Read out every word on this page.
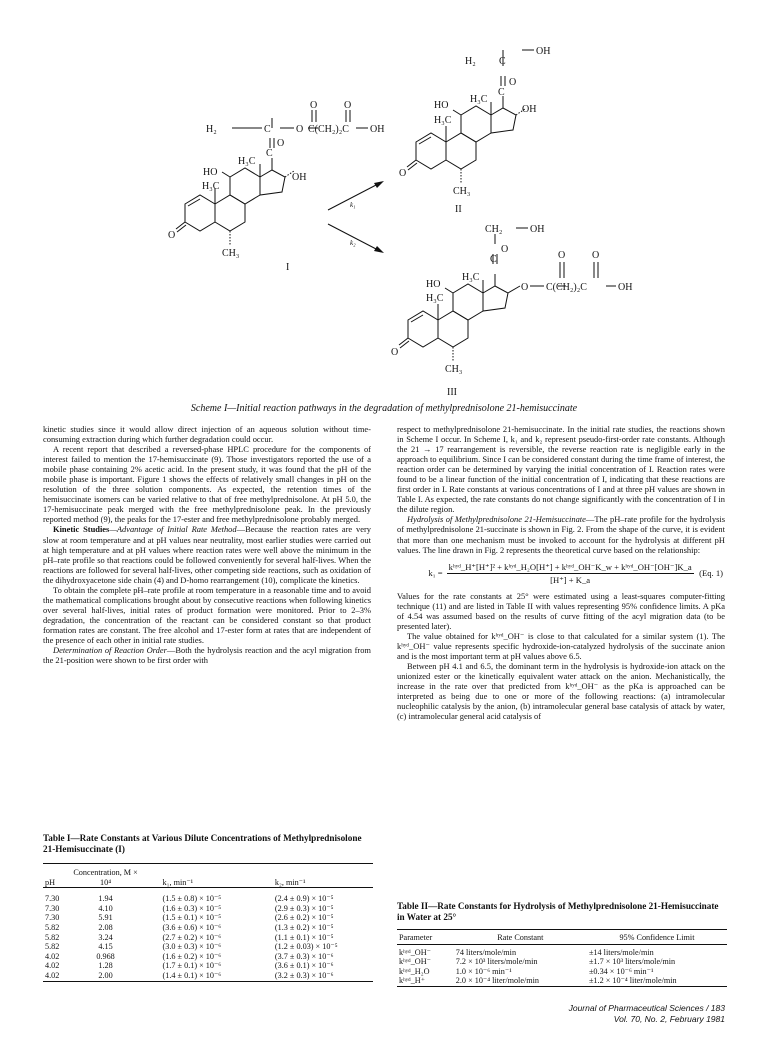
H₂	C	O C(CH₂)₂C OH
O	O
C
O
H₃C
OH
HO
H₃C
O
CH₃
I
H₂ C
OH
C
O
H₃C
OH
HO
H₃C
O
CH₃
II
CH₂	OH
C
O
H₃C
O C(CH₂)₂C	OH
O	O
HO
H₃C
O
CH₃
III
k₁
k₂
Scheme I—Initial reaction pathways in the degradation of methylprednisolone 21-hemisuccinate

kinetic studies since it would allow direct injection of an aqueous solution without time-consuming extraction during which further degradation could occur.

A recent report that described a reversed-phase HPLC procedure for the components of interest failed to mention the 17-hemisuccinate (9). Those investigators reported the use of a mobile phase containing 2% acetic acid. In the present study, it was found that the pH of the mobile phase is important. Figure 1 shows the effects of relatively small changes in pH on the resolution of the three solution components. As expected, the retention times of the hemisuccinate isomers can be varied relative to that of free methylprednisolone. At pH 5.0, the 17-hemisuccinate peak merged with the free methylprednisolone peak. In the previously reported method (9), the peaks for the 17-ester and free methylprednisolone probably merged.

Kinetic Studies—Advantage of Initial Rate Method—Because the reaction rates are very slow at room temperature and at pH values near neutrality, most earlier studies were carried out at high temperature and at pH values where reaction rates were well above the minimum in the pH–rate profile so that reactions could be followed conveniently for several half-lives. When the reactions are followed for several half-lives, other competing side reactions, such as oxidation of the dihydroxyacetone side chain (4) and D-homo rearrangement (10), complicate the kinetics.

To obtain the complete pH–rate profile at room temperature in a reasonable time and to avoid the mathematical complications brought about by consecutive reactions when following kinetics over several half-lives, initial rates of product formation were monitored. Prior to 2–3% degradation, the concentration of the reactant can be considered constant so that product formation rates are constant. The free alcohol and 17-ester form at rates that are independent of the presence of each other in initial rate studies.

Determination of Reaction Order—Both the hydrolysis reaction and the acyl migration from the 21-position were shown to be first order with

respect to methylprednisolone 21-hemisuccinate. In the initial rate studies, the reactions shown in Scheme I occur. In Scheme I, k₁ and k₂ represent pseudo-first-order rate constants. Although the 21 → 17 rearrangement is reversible, the reverse reaction rate is negligible early in the approach to equilibrium. Since I can be considered constant during the time frame of interest, the reaction order can be determined by varying the initial concentration of I. Reaction rates were found to be a linear function of the initial concentration of I, indicating that these reactions are first order in I. Rate constants at various concentrations of I and at three pH values are shown in Table I. As expected, the rate constants do not change significantly with the concentration of I in the dilute region.

Hydrolysis of Methylprednisolone 21-Hemisuccinate—The pH–rate profile for the hydrolysis of methylprednisolone 21-succinate is shown in Fig. 2. From the shape of the curve, it is evident that more than one mechanism must be invoked to account for the hydrolysis at different pH values. The line drawn in Fig. 2 represents the theoretical curve based on the relationship:

$k_1 = \frac{\text{kʰʸᵈ\_H⁺[H⁺]² + kʰʸᵈ\_H₂O[H⁺] + kʰʸᵈ\_OH⁻K\_w + kʰʸᵈ\_OH⁻[OH⁻]K\_a}}{[H^+] + K\_a} (Eq$. 1)

Values for the rate constants at 25° were estimated using a least-squares computer-fitting technique (11) and are listed in Table II with values representing 95% confidence limits. A pKa of 4.54 was assumed based on the results of curve fitting of the acyl migration data (to be presented later).

The value obtained for kʰʸᵈ_OH⁻ is close to that calculated for a similar system (1). The kʰʸᵈ_OH⁻ value represents specific hydroxide-ion-catalyzed hydrolysis of the succinate anion and is the most important term at pH values above 6.5.

Between pH 4.1 and 6.5, the dominant term in the hydrolysis is hydroxide-ion attack on the unionized ester or the kinetically equivalent water attack on the anion. Mechanistically, the increase in the rate over that predicted from kʰʸᵈ_OH⁻ as the pKa is approached can be interpreted as being due to one or more of the following reactions: (a) intramolecular nucleophilic catalysis by the anion, (b) intramolecular general base catalysis of attack by water, (c) intramolecular general acid catalysis of

Table I—Rate Constants at Various Dilute Concentrations of Methylprednisolone 21-Hemisuccinate (I)
pH	Concentration, M × 10⁴	k₁, min⁻¹	k₂, min⁻¹

7.30	1.94	(1.5 ± 0.8) × 10⁻⁵	(2.4 ± 0.9) × 10⁻⁵
7.30	4.10	(1.6 ± 0.3) × 10⁻⁵	(2.9 ± 0.3) × 10⁻⁵
7.30	5.91	(1.5 ± 0.1) × 10⁻⁵	(2.6 ± 0.2) × 10⁻⁵
5.82	2.08	(3.6 ± 0.6) × 10⁻⁶	(1.3 ± 0.2) × 10⁻⁵
5.82	3.24	(2.7 ± 0.2) × 10⁻⁶	(1.1 ± 0.1) × 10⁻⁵
5.82	4.15	(3.0 ± 0.3) × 10⁻⁶	(1.2 ± 0.03) × 10⁻⁵
4.02	0.968	(1.6 ± 0.2) × 10⁻⁶	(3.7 ± 0.3) × 10⁻⁶
4.02	1.28	(1.7 ± 0.1) × 10⁻⁶	(3.6 ± 0.1) × 10⁻⁶
4.02	2.00	(1.4 ± 0.1) × 10⁻⁶	(3.2 ± 0.3) × 10⁻⁶

Table II—Rate Constants for Hydrolysis of Methylprednisolone 21-Hemisuccinate in Water at 25°
Parameter	Rate Constant	95% Confidence Limit

kʰʸᵈ_OH⁻	74 liters/mole/min	±14 liters/mole/min
kʰʸᵈ_OH⁻	7.2 × 10³ liters/mole/min	±1.7 × 10³ liters/mole/min
kʰʸᵈ_H₂O	1.0 × 10⁻⁶ min⁻¹	±0.34 × 10⁻⁶ min⁻¹
kʰʸᵈ_H⁺	2.0 × 10⁻⁴ liter/mole/min	±1.2 × 10⁻⁴ liter/mole/min

Journal of Pharmaceutical Sciences / 183
Vol. 70, No. 2, February 1981
